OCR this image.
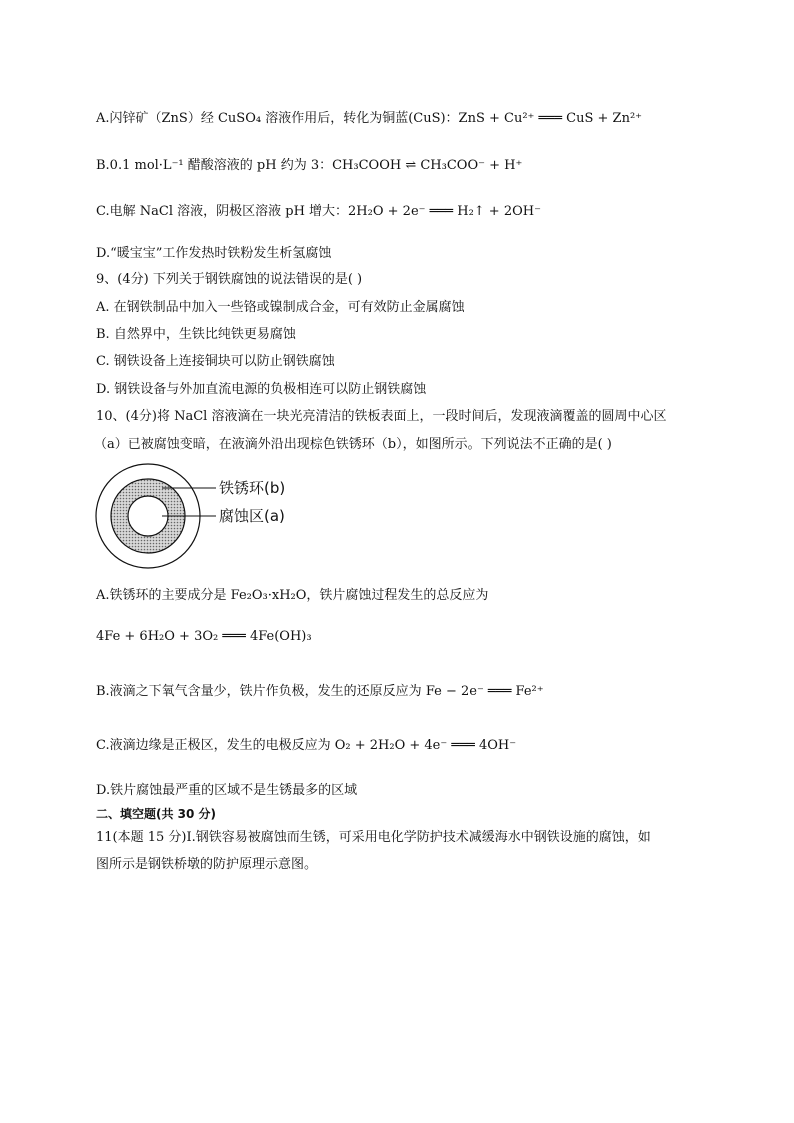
A.闪锌矿（ZnS）经 CuSO₄ 溶液作用后，转化为铜蓝(CuS)：ZnS + Cu²⁺ ═══ CuS + Zn²⁺
B.0.1 mol·L⁻¹ 醋酸溶液的 pH 约为 3：CH₃COOH ⇌ CH₃COO⁻ + H⁺
C.电解 NaCl 溶液，阴极区溶液 pH 增大：2H₂O + 2e⁻ ═══ H₂↑ + 2OH⁻
D.“暖宝宝”工作发热时铁粉发生析氢腐蚀
9、(4分) 下列关于钢铁腐蚀的说法错误的是( )
A. 在钢铁制品中加入一些铬或镍制成合金，可有效防止金属腐蚀
B. 自然界中，生铁比纯铁更易腐蚀
C. 钢铁设备上连接铜块可以防止钢铁腐蚀
D. 钢铁设备与外加直流电源的负极相连可以防止钢铁腐蚀
10、(4分)将 NaCl 溶液滴在一块光亮清洁的铁板表面上，一段时间后，发现液滴覆盖的圆周中心区
（a）已被腐蚀变暗，在液滴外沿出现棕色铁锈环（b），如图所示。下列说法不正确的是( )
铁锈环(b)
腐蚀区(a)
A.铁锈环的主要成分是 Fe₂O₃·xH₂O，铁片腐蚀过程发生的总反应为
4Fe + 6H₂O + 3O₂ ═══ 4Fe(OH)₃
B.液滴之下氧气含量少，铁片作负极，发生的还原反应为 Fe − 2e⁻ ═══ Fe²⁺
C.液滴边缘是正极区，发生的电极反应为 O₂ + 2H₂O + 4e⁻ ═══ 4OH⁻
D.铁片腐蚀最严重的区域不是生锈最多的区域
二、填空题(共 30 分)
11(本题 15 分)Ⅰ.钢铁容易被腐蚀而生锈，可采用电化学防护技术减缓海水中钢铁设施的腐蚀，如
图所示是钢铁桥墩的防护原理示意图。
